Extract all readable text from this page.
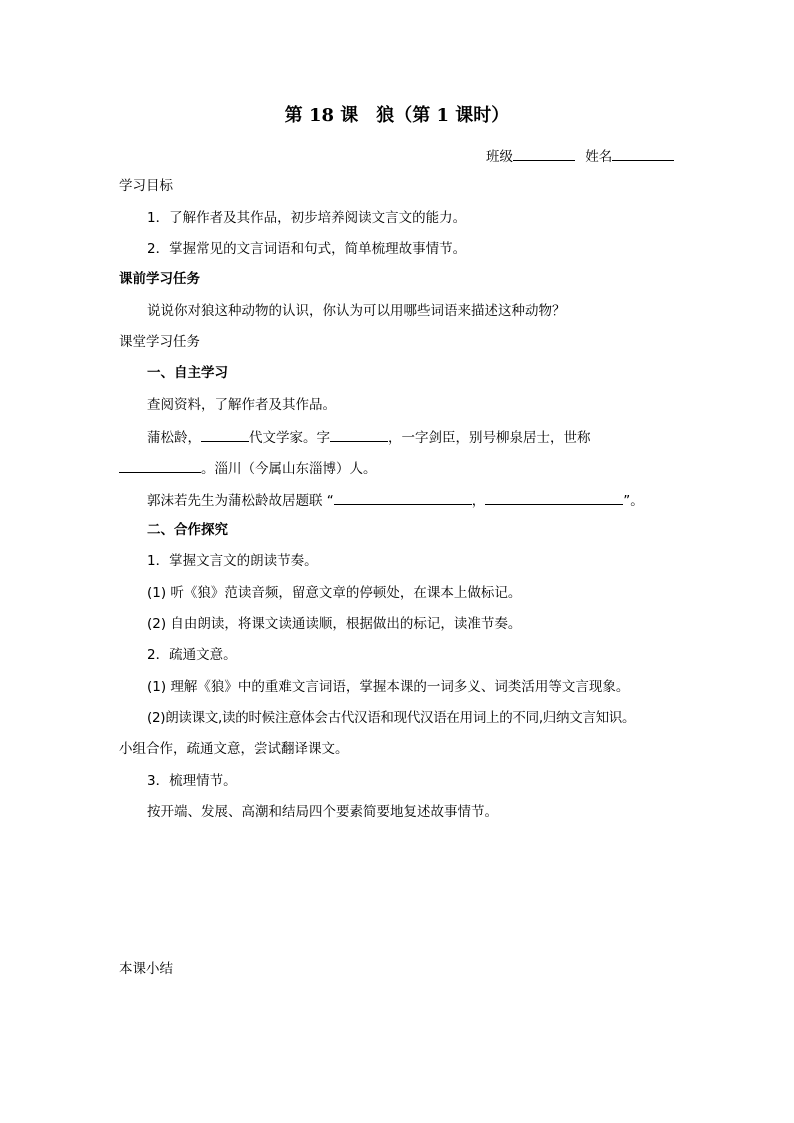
第 18 课　狼（第 1 课时）
班级	姓名
学习目标
1．了解作者及其作品，初步培养阅读文言文的能力。
2．掌握常见的文言词语和句式，简单梳理故事情节。
课前学习任务
说说你对狼这种动物的认识，你认为可以用哪些词语来描述这种动物？
课堂学习任务
一、自主学习
查阅资料，了解作者及其作品。
蒲松龄，	代文学家。字	，一字剑臣，别号柳泉居士，世称
。淄川（今属山东淄博）人。
郭沫若先生为蒲松龄故居题联 “	，	”。
二、合作探究
1．掌握文言文的朗读节奏。
(1) 听《狼》范读音频，留意文章的停顿处，在课本上做标记。
(2) 自由朗读，将课文读通读顺，根据做出的标记，读准节奏。
2．疏通文意。
(1) 理解《狼》中的重难文言词语，掌握本课的一词多义、词类活用等文言现象。
(2)朗读课文,读的时候注意体会古代汉语和现代汉语在用词上的不同,归纳文言知识。
小组合作，疏通文意，尝试翻译课文。
3．梳理情节。
按开端、发展、高潮和结局四个要素简要地复述故事情节。
本课小结
